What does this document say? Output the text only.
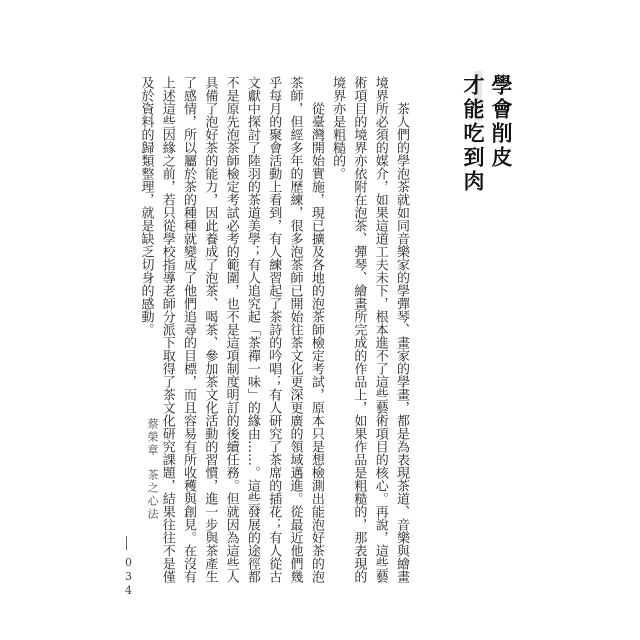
學會削皮
才能吃到肉

茶人們的學泡茶就如同音樂家的學彈琴、畫家的學畫，都是為表現茶道、音樂與繪畫境界所必須的媒介，如果這道工夫未下，根本進不了這些藝術項目的核心。再說，這些藝術項目的境界亦依附在泡茶、彈琴、繪畫所完成的作品上，如果作品是粗糙的，那表現的境界亦是粗糙的。

從臺灣開始實施，現已擴及各地的泡茶師檢定考試，原本只是想檢測出能泡好茶的泡茶師，但經多年的歷練，很多泡茶師已開始往茶文化更深更廣的領域邁進。從最近他們幾乎每月的聚會活動上看到，有人練習起了茶詩的吟唱；有人研究了茶席的插花；有人從古文獻中探討了陸羽的茶道美學；有人追究起「茶禪一味」的緣由……。這些發展的途徑都不是原先泡茶師檢定考試必考的範圍，也不是這項制度明訂的後續任務。但就因為這些人具備了泡好茶的能力，因此養成了泡茶、喝茶、參加茶文化活動的習慣，進一步與茶產生了感情，所以屬於茶的種種就變成了他們追尋的目標，而且容易有所收穫與創見。在沒有上述這些因緣之前，若只從學校指導老師分派下取得了茶文化研究課題，結果往往不是僅及於資料的歸類整理，就是缺乏切身的感動。

蔡榮章 茶之心法
034
